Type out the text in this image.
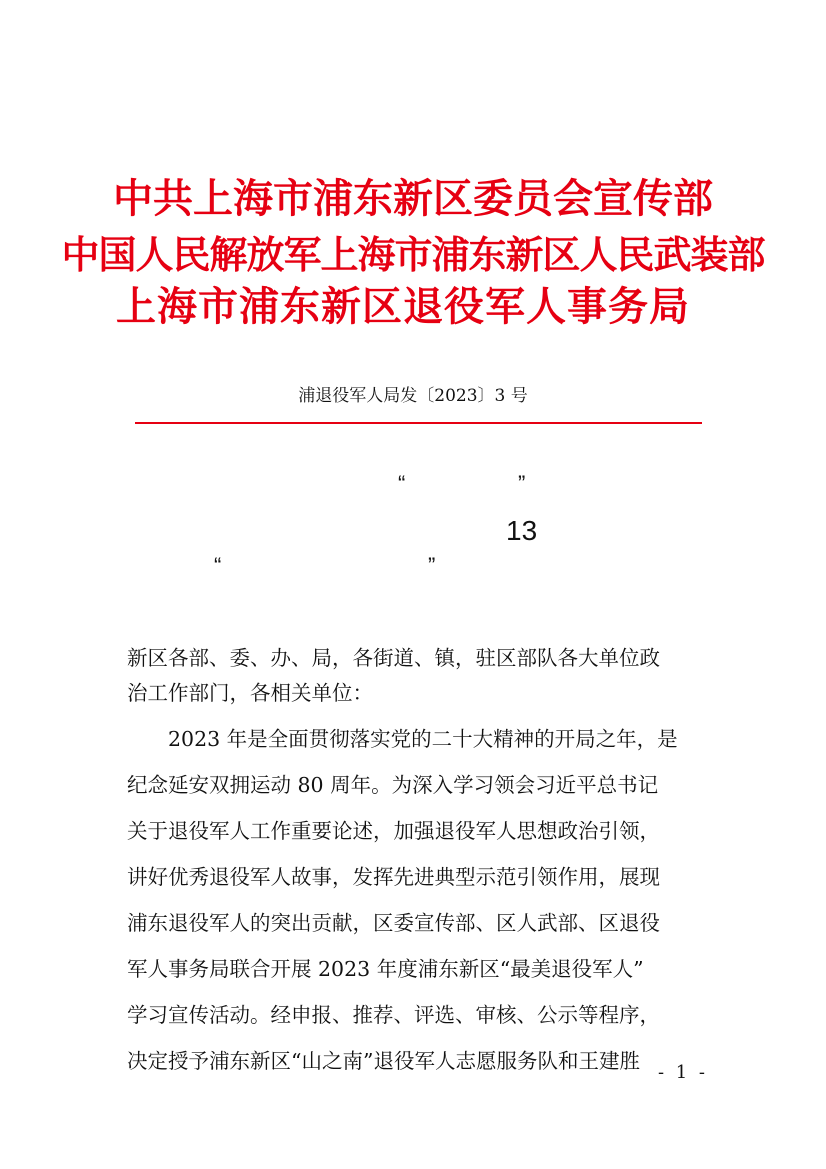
中共上海市浦东新区委员会宣传部
中国人民解放军上海市浦东新区人民武装部
上海市浦东新区退役军人事务局
浦退役军人局发〔2023〕3 号
“	”
13
“	”
新区各部、委、办、局，各街道、镇，驻区部队各大单位政
治工作部门，各相关单位：
　　2023 年是全面贯彻落实党的二十大精神的开局之年，是
纪念延安双拥运动 80 周年。为深入学习领会习近平总书记
关于退役军人工作重要论述，加强退役军人思想政治引领，
讲好优秀退役军人故事，发挥先进典型示范引领作用，展现
浦东退役军人的突出贡献，区委宣传部、区人武部、区退役
军人事务局联合开展 2023 年度浦东新区“最美退役军人”
学习宣传活动。经申报、推荐、评选、审核、公示等程序，
决定授予浦东新区“山之南”退役军人志愿服务队和王建胜 - 1 -
